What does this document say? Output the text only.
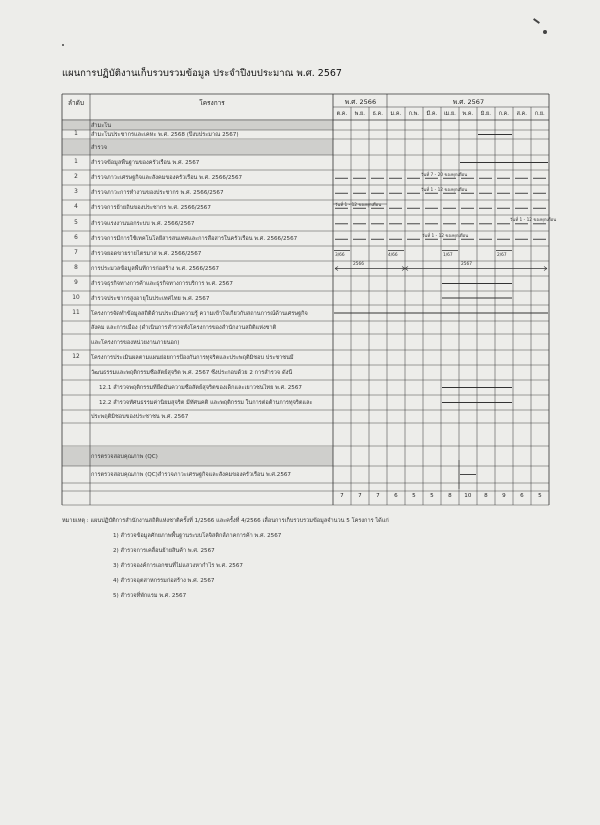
แผนการปฏิบัติงานเก็บรวบรวมข้อมูล ประจำปีงบประมาณ พ.ศ. 2567
ลำดับ	โครงการ	พ.ศ. 2566	พ.ศ. 2567
ต.ค.	พ.ย.	ธ.ค.	ม.ค.	ก.พ.	มี.ค.	เม.ย.	พ.ค.	มิ.ย.	ก.ค.	ส.ค.	ก.ย.
สำมะโน
1	สำมะโนประชากรและเคหะ พ.ศ. 2568 (ปีงบประมาณ 2567)
สำรวจ
1	สำรวจข้อมูลพื้นฐานของครัวเรือน พ.ศ. 2567
2	สำรวจภาวะเศรษฐกิจและสังคมของครัวเรือน พ.ศ. 2566/2567
3	สำรวจภาวะการทำงานของประชากร พ.ศ. 2566/2567
4	สำรวจการย้ายถิ่นของประชากร พ.ศ. 2566/2567
5	สำรวจแรงงานนอกระบบ พ.ศ. 2566/2567
6	สำรวจการมีการใช้เทคโนโลยีสารสนเทศและการสื่อสารในครัวเรือน พ.ศ. 2566/2567
7	สำรวจยอดขายรายไตรมาส พ.ศ. 2566/2567
8	การประมวลข้อมูลพื้นที่การก่อสร้าง พ.ศ. 2566/2567
9	สำรวจธุรกิจทางการค้าและธุรกิจทางการบริการ พ.ศ. 2567
10	สำรวจประชากรสูงอายุในประเทศไทย พ.ศ. 2567
11	โครงการจัดทำข้อมูลสถิติด้านประเมินความรู้ ความเข้าใจเกี่ยวกับสถานการณ์ด้านเศรษฐกิจ
สังคม และการเมือง (ดำเนินการสำรวจทั้งโครงการของสำนักงานสถิติแห่งชาติ
และโครงการของหน่วยงานภายนอก)
12	โครงการประเมินผลตามแผนย่อยการป้องกันการทุจริตและประพฤติมิชอบ ประชาชนมี
วัฒนธรรมและพฤติกรรมซื่อสัตย์สุจริต พ.ศ. 2567 ซึ่งประกอบด้วย 2 การสำรวจ ดังนี้
12.1 สำรวจพฤติกรรมที่ยึดมั่นความซื่อสัตย์สุจริตของเด็กและเยาวชนไทย พ.ศ. 2567
12.2 สำรวจทัศนธรรมค่านิยมสุจริต มีทัศนคติ และพฤติกรรม ในการต่อต้านการทุจริตและ
ประพฤติมิชอบของประชาชน พ.ศ. 2567
การตรวจสอบคุณภาพ (QC)
การตรวจสอบคุณภาพ (QC)สำรวจภาวะเศรษฐกิจและสังคมของครัวเรือน พ.ศ.2567
วันที่ 7 - 20 ของทุกเดือน
วันที่ 1 - 12 ของทุกเดือน
วันที่ 1 - 12 ของทุกเดือน
วันที่ 1 - 12 ของทุกเดือน
วันที่ 1 - 12 ของทุกเดือน
3/66	4/66	1/67	2/67
2566	2567
7	7	7	6	5	5	8	10	8	9	6	5
หมายเหตุ : แผนปฏิบัติการสำนักงานสถิติแห่งชาติครั้งที่ 1/2566 และครั้งที่ 4/2566 เลื่อนการเก็บรวบรวมข้อมูลจำนวน 5 โครงการ ได้แก่
1) สำรวจข้อมูลศักยภาพพื้นฐานระบบโลจิสติกส์ภาคการค้า พ.ศ. 2567
2) สำรวจการเคลื่อนย้ายสินค้า พ.ศ. 2567
3) สำรวจองค์การเอกชนที่ไม่แสวงหากำไร พ.ศ. 2567
4) สำรวจอุตสาหกรรมก่อสร้าง พ.ศ. 2567
5) สำรวจที่พักแรม พ.ศ. 2567
